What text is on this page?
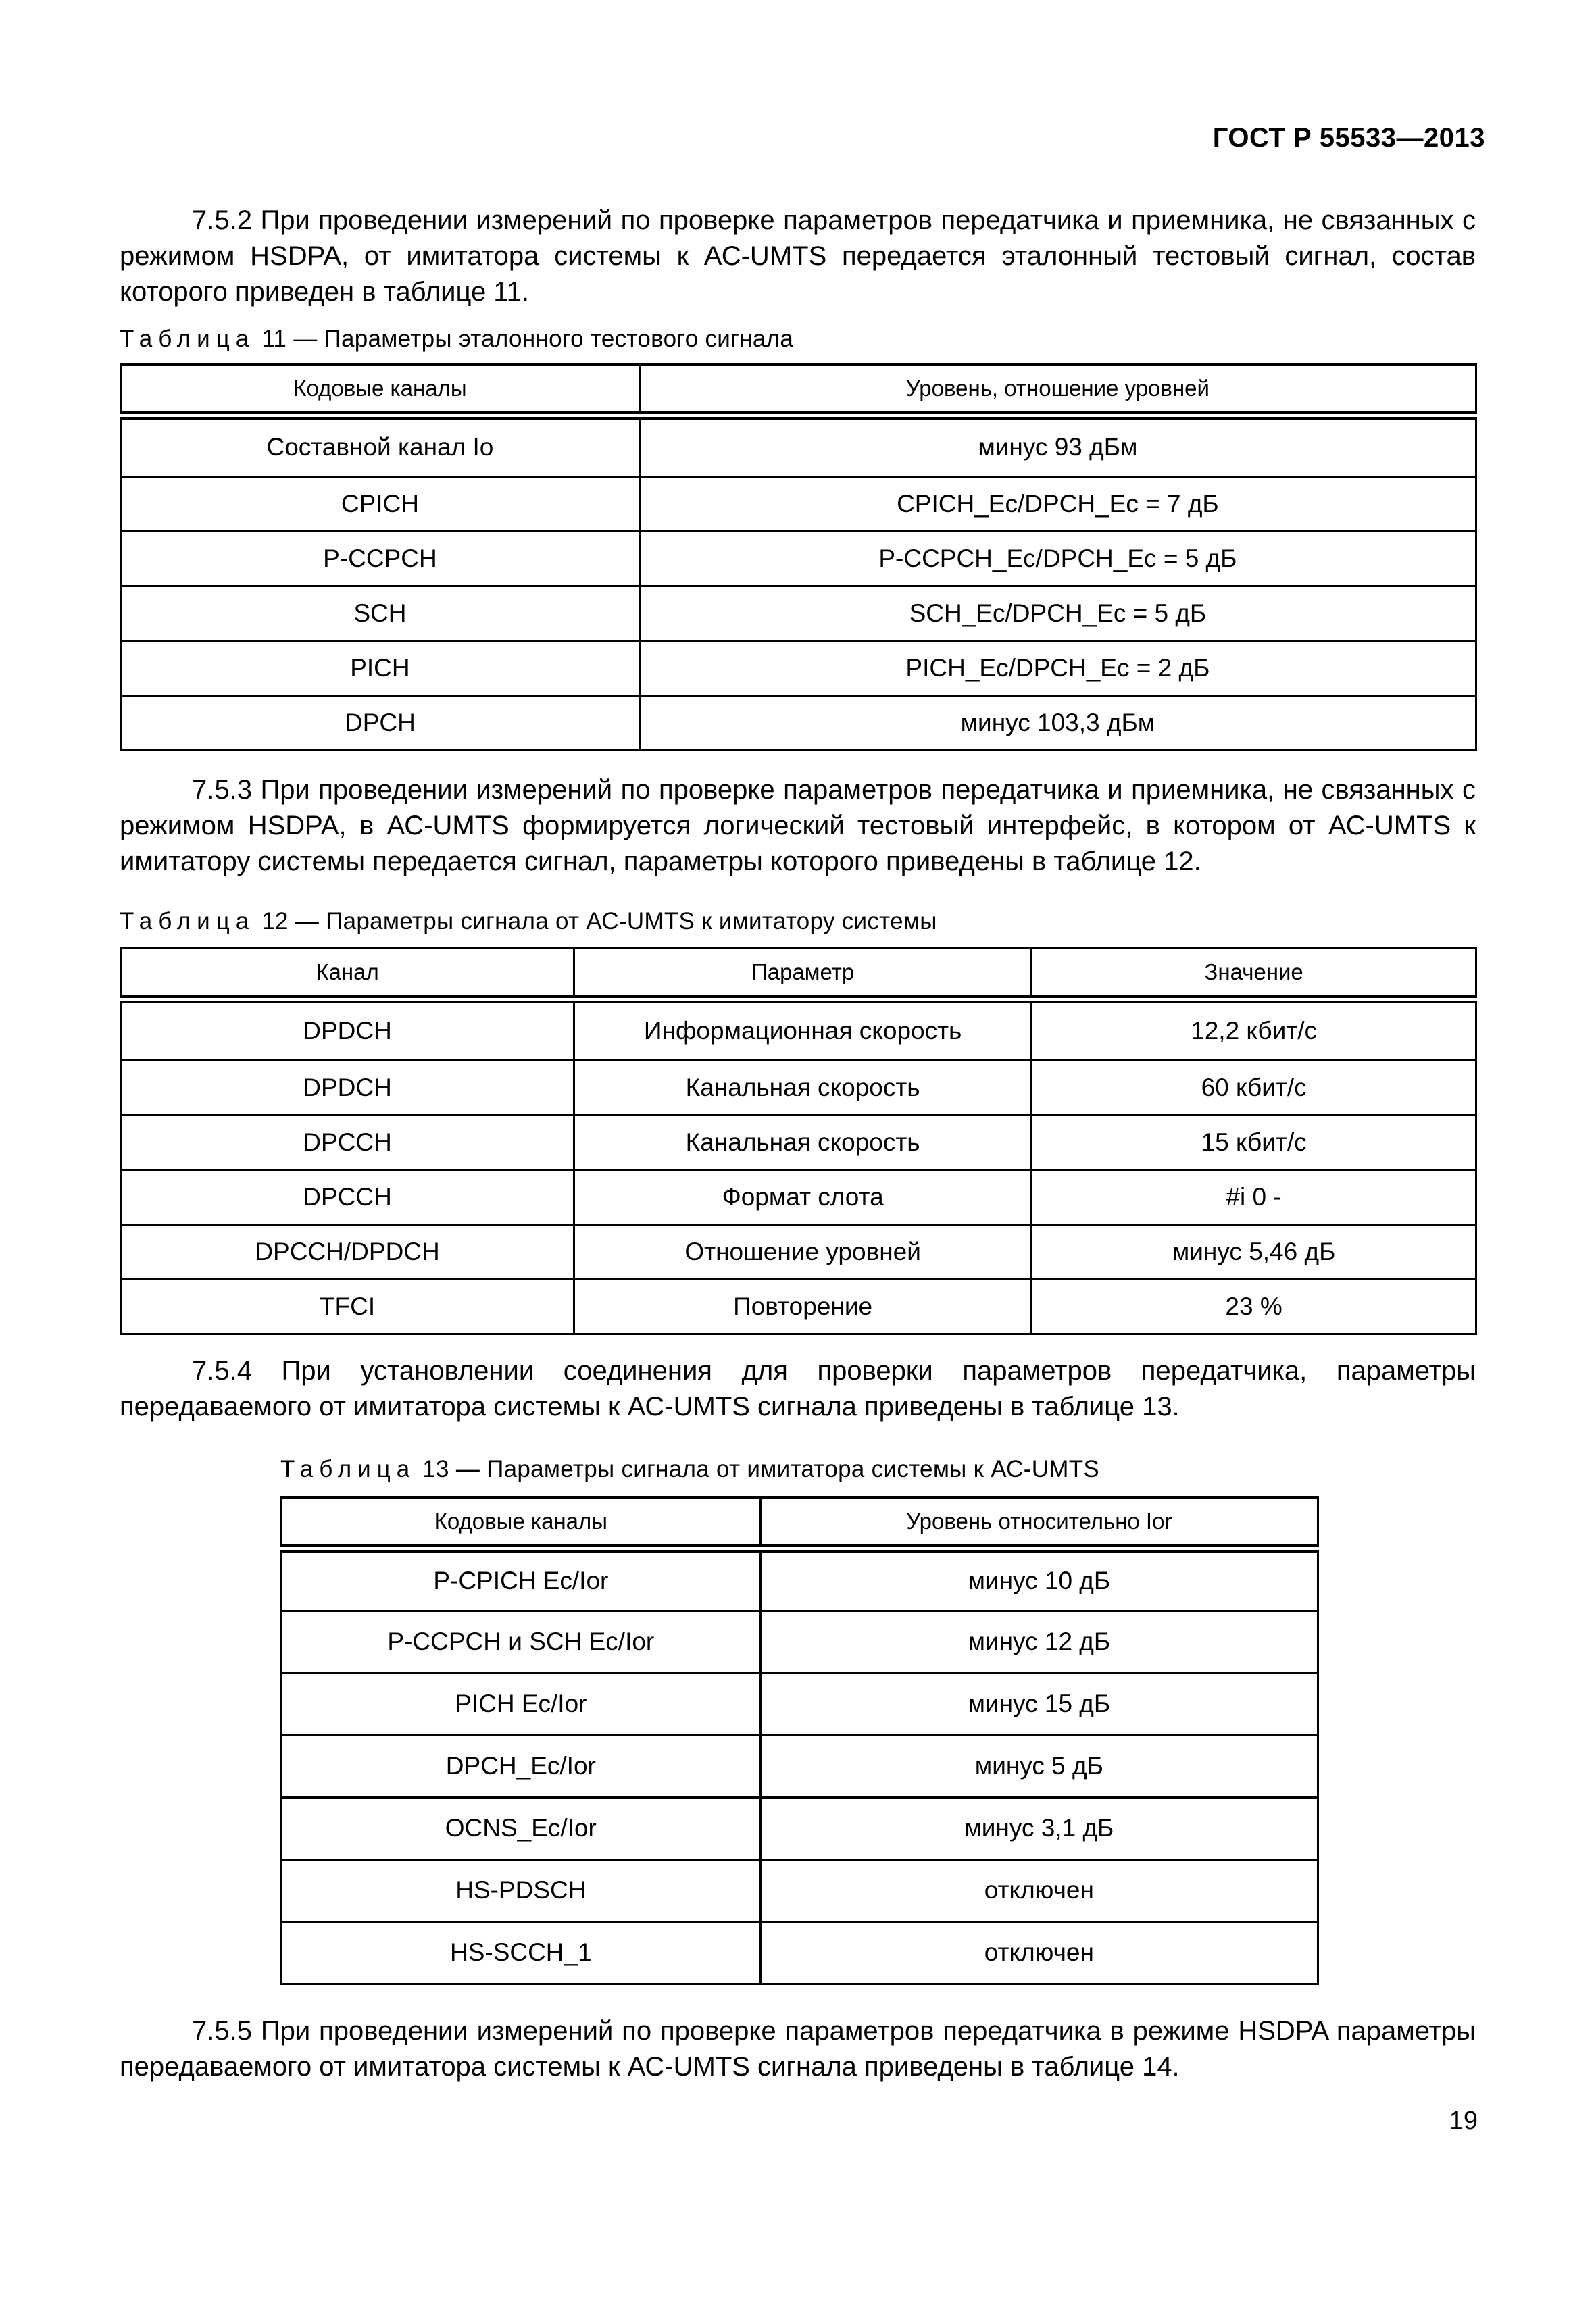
ГОСТ Р 55533—2013
7.5.2 При проведении измерений по проверке параметров передатчика и приемника, не связанных с режимом HSDPA, от имитатора системы к АС-UMTS передается эталонный тестовый сигнал, состав которого приведен в таблице 11.
Таблица 11 — Параметры эталонного тестового сигнала
Кодовые каналы	Уровень, отношение уровней
Составной канал Io	минус 93 дБм
CPICH	CPICH_Ec/DPCH_Ec = 7 дБ
P-CCPCH	P-CCPCH_Ec/DPCH_Ec = 5 дБ
SCH	SCH_Ec/DPCH_Ec = 5 дБ
PICH	PICH_Ec/DPCH_Ec = 2 дБ
DPCH	минус 103,3 дБм
7.5.3 При проведении измерений по проверке параметров передатчика и приемника, не связанных с режимом HSDPA, в АС-UMTS формируется логический тестовый интерфейс, в котором от АС-UMTS к имитатору системы передается сигнал, параметры которого приведены в таблице 12.
Таблица 12 — Параметры сигнала от АС-UMTS к имитатору системы
Канал	Параметр	Значение
DPDCH	Информационная скорость	12,2 кбит/с
DPDCH	Канальная скорость	60 кбит/с
DPCCH	Канальная скорость	15 кбит/с
DPCCH	Формат слота	#i 0 -
DPCCH/DPDCH	Отношение уровней	минус 5,46 дБ
TFCI	Повторение	23 %
7.5.4 При установлении соединения для проверки параметров передатчика, параметры передаваемого от имитатора системы к АС-UMTS сигнала приведены в таблице 13.
Таблица 13 — Параметры сигнала от имитатора системы к АС-UMTS
Кодовые каналы	Уровень относительно Ior
P-CPICH Ec/Ior	минус 10 дБ
P-CCPCH и SCH Ec/Ior	минус 12 дБ
PICH Ec/Ior	минус 15 дБ
DPCH_Ec/Ior	минус 5 дБ
OCNS_Ec/Ior	минус 3,1 дБ
HS-PDSCH	отключен
HS-SCCH_1	отключен
7.5.5 При проведении измерений по проверке параметров передатчика в режиме HSDPA параметры передаваемого от имитатора системы к АС-UMTS сигнала приведены в таблице 14.
19
